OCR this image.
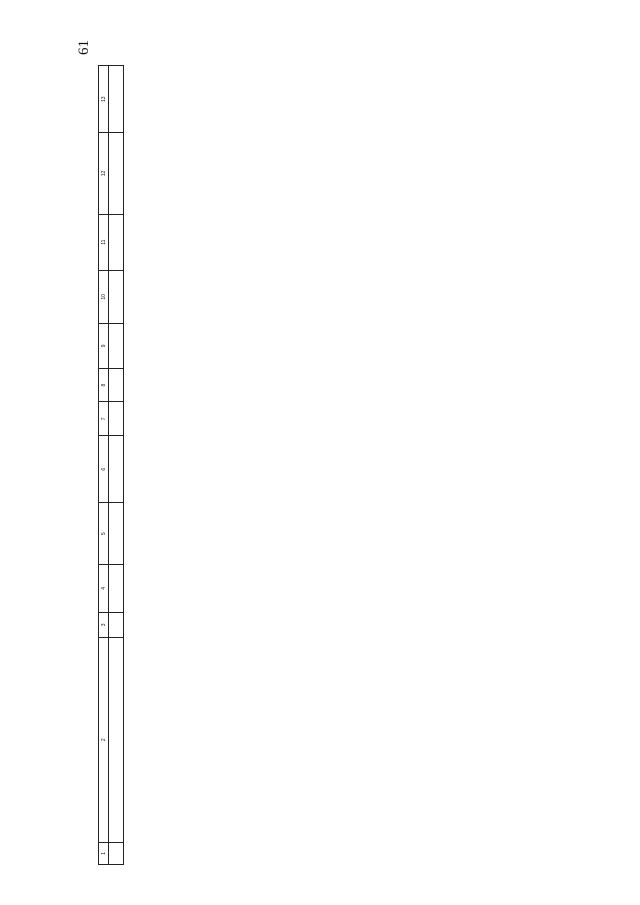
61
1	2	3	4	5	6	7	8	9	10	11	12	13
